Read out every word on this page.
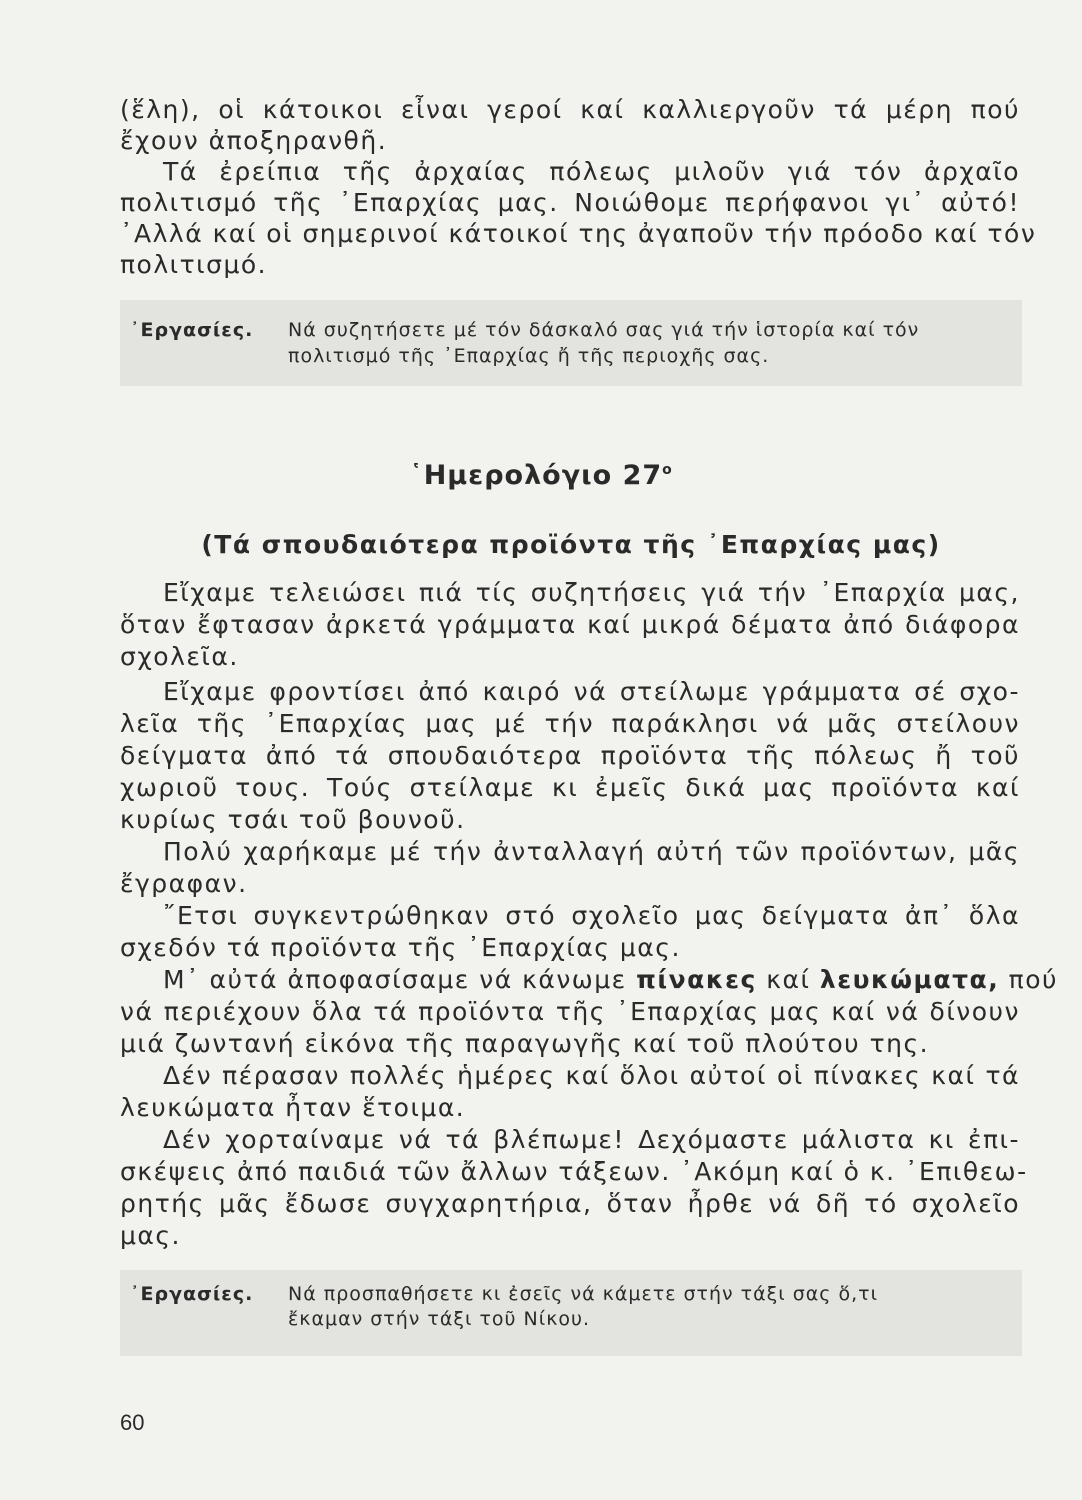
(ἕλη), οἱ κάτοικοι εἶναι γεροί καί καλλιεργοῦν τά μέρη πού
ἔχουν ἀποξηρανθῆ.
Τά ἐρείπια τῆς ἀρχαίας πόλεως μιλοῦν γιά τόν ἀρχαῖο
πολιτισμό τῆς ᾿Επαρχίας μας. Νοιώθομε περήφανοι γι᾿ αὐτό!
᾿Αλλά καί οἱ σημερινοί κάτοικοί της ἀγαποῦν τήν πρόοδο καί τόν
πολιτισμό.
᾿Εργασίες. Νά συζητήσετε μέ τόν δάσκαλό σας γιά τήν ἱστορία καί τόν
πολιτισμό τῆς ᾿Επαρχίας ἤ τῆς περιοχῆς σας.
῾Ημερολόγιο $27^o$
(Τά σπουδαιότερα προϊόντα τῆς ᾿Επαρχίας μας)
Εἴχαμε τελειώσει πιά τίς συζητήσεις γιά τήν ᾿Επαρχία μας,
ὅταν ἔφτασαν ἀρκετά γράμματα καί μικρά δέματα ἀπό διάφορα
σχολεῖα.
Εἴχαμε φροντίσει ἀπό καιρό νά στείλωμε γράμματα σέ σχο-
λεῖα τῆς ᾿Επαρχίας μας μέ τήν παράκλησι νά μᾶς στείλουν
δείγματα ἀπό τά σπουδαιότερα προϊόντα τῆς πόλεως ἤ τοῦ
χωριοῦ τους. Τούς στείλαμε κι ἐμεῖς δικά μας προϊόντα καί
κυρίως τσάι τοῦ βουνοῦ.
Πολύ χαρήκαμε μέ τήν ἀνταλλαγή αὐτή τῶν προϊόντων, μᾶς
ἔγραφαν.
῎Ετσι συγκεντρώθηκαν στό σχολεῖο μας δείγματα ἀπ᾿ ὅλα
σχεδόν τά προϊόντα τῆς ᾿Επαρχίας μας.
Μ᾿ αὐτά ἀποφασίσαμε νά κάνωμε πίνακες καί λευκώματα, πού
νά περιέχουν ὅλα τά προϊόντα τῆς ᾿Επαρχίας μας καί νά δίνουν
μιά ζωντανή εἰκόνα τῆς παραγωγῆς καί τοῦ πλούτου της.
Δέν πέρασαν πολλές ἡμέρες καί ὅλοι αὐτοί οἱ πίνακες καί τά
λευκώματα ἦταν ἕτοιμα.
Δέν χορταίναμε νά τά βλέπωμε! Δεχόμαστε μάλιστα κι ἐπι-
σκέψεις ἀπό παιδιά τῶν ἄλλων τάξεων. ᾿Ακόμη καί ὁ κ. ᾿Επιθεω-
ρητής μᾶς ἔδωσε συγχαρητήρια, ὅταν ἦρθε νά δῆ τό σχολεῖο
μας.
᾿Εργασίες. Νά προσπαθήσετε κι ἐσεῖς νά κάμετε στήν τάξι σας ὅ,τι
ἔκαμαν στήν τάξι τοῦ Νίκου.
60
